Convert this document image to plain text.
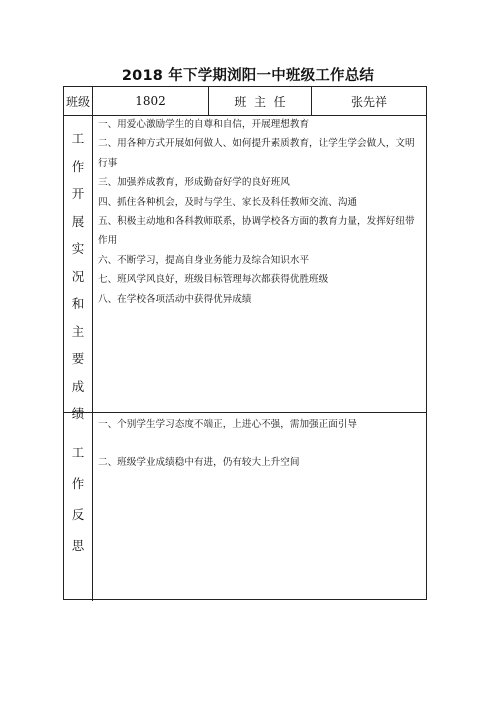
2018 年下学期浏阳一中班级工作总结
班级	1802	班  主  任	张先祥
工
作
开
展
实
况
和
主
要
成
绩

一、用爱心激励学生的自尊和自信，开展理想教育

二、用各种方式开展如何做人、如何提升素质教育，让学生学会做人，文明行事

三、加强养成教育，形成勤奋好学的良好班风

四、抓住各种机会，及时与学生、家长及科任教师交流、沟通

五、积极主动地和各科教师联系，协调学校各方面的教育力量，发挥好纽带作用

六、不断学习，提高自身业务能力及综合知识水平

七、班风学风良好，班级目标管理每次都获得优胜班级

八、在学校各项活动中获得优异成绩

工
作
反
思

一、个别学生学习态度不端正，上进心不强，需加强正面引导

二、班级学业成绩稳中有进，仍有较大上升空间
